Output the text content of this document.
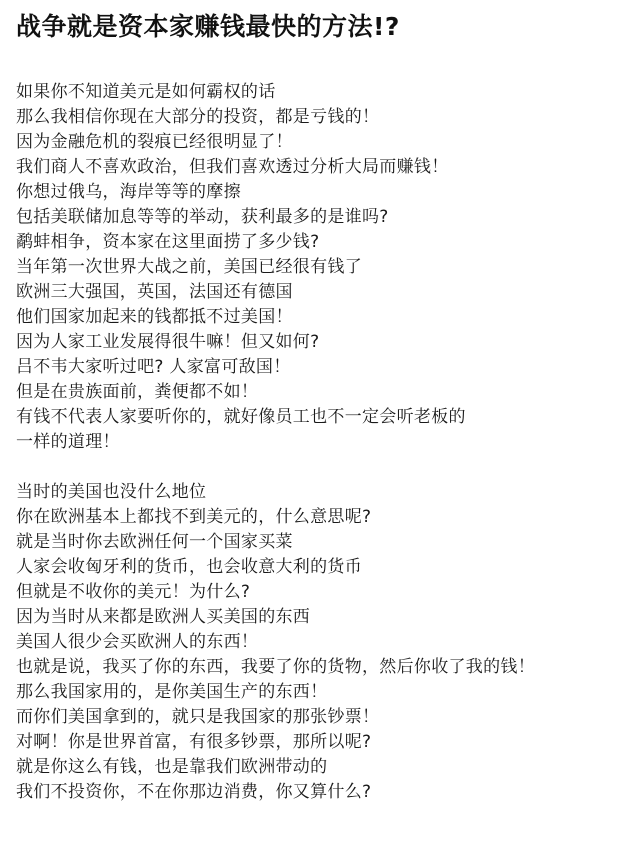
战争就是资本家赚钱最快的方法!?
如果你不知道美元是如何霸权的话
那么我相信你现在大部分的投资，都是亏钱的！
因为金融危机的裂痕已经很明显了！
我们商人不喜欢政治，但我们喜欢透过分析大局而赚钱！
你想过俄乌，海岸等等的摩擦
包括美联储加息等等的举动，获利最多的是谁吗?
鹬蚌相争，资本家在这里面捞了多少钱?
当年第一次世界大战之前，美国已经很有钱了
欧洲三大强国，英国，法国还有德国
他们国家加起来的钱都抵不过美国！
因为人家工业发展得很牛嘛！但又如何?
吕不韦大家听过吧? 人家富可敌国！
但是在贵族面前，粪便都不如！
有钱不代表人家要听你的，就好像员工也不一定会听老板的
一样的道理！
当时的美国也没什么地位
你在欧洲基本上都找不到美元的，什么意思呢?
就是当时你去欧洲任何一个国家买菜
人家会收匈牙利的货币，也会收意大利的货币
但就是不收你的美元！为什么?
因为当时从来都是欧洲人买美国的东西
美国人很少会买欧洲人的东西！
也就是说，我买了你的东西，我要了你的货物，然后你收了我的钱！
那么我国家用的，是你美国生产的东西！
而你们美国拿到的，就只是我国家的那张钞票！
对啊！你是世界首富，有很多钞票，那所以呢?
就是你这么有钱，也是靠我们欧洲带动的
我们不投资你，不在你那边消费，你又算什么?
